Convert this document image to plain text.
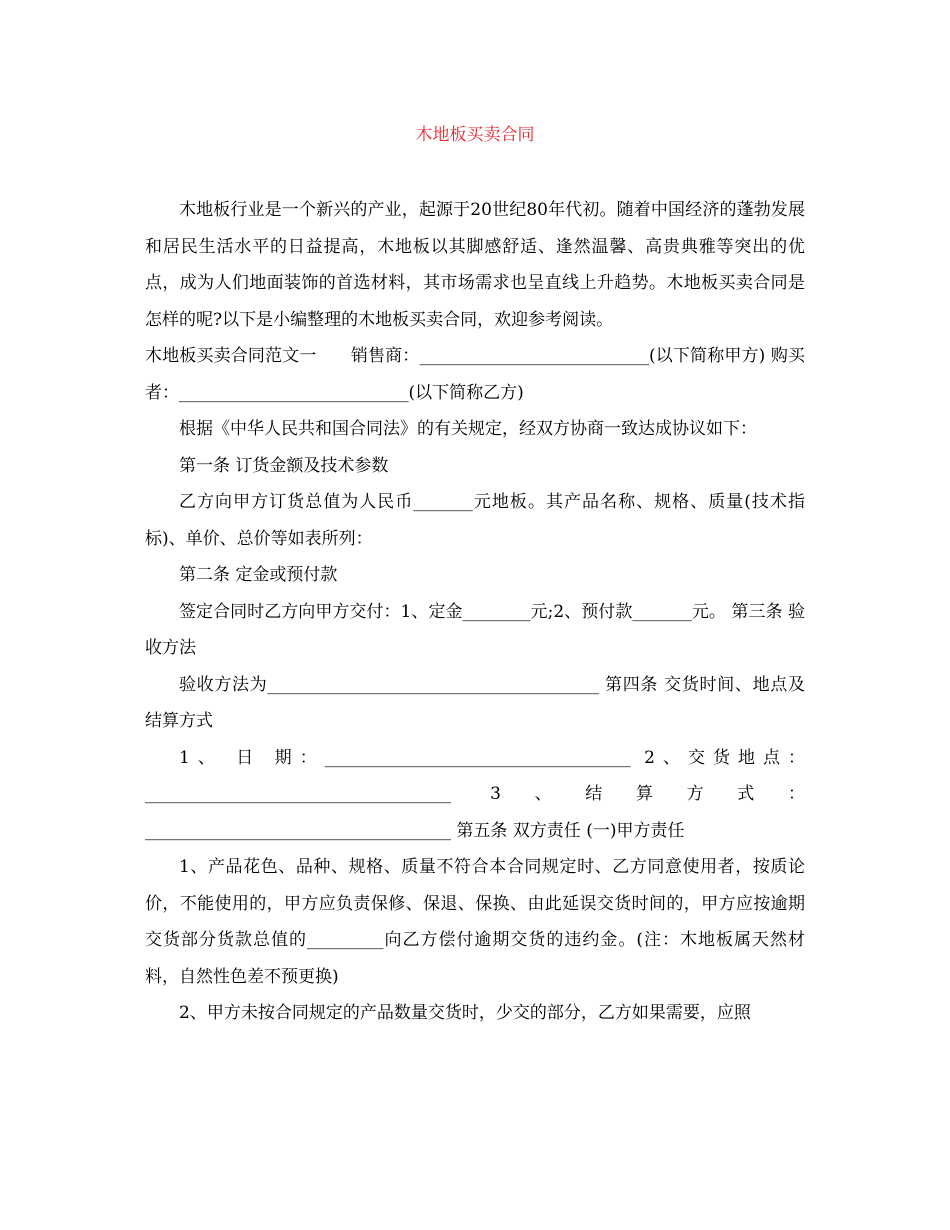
木地板买卖合同

木地板行业是一个新兴的产业，起源于20世纪80年代初。随着中国经济的蓬勃发展和居民生活水平的日益提高，木地板以其脚感舒适、逢然温馨、高贵典雅等突出的优点，成为人们地面装饰的首选材料，其市场需求也呈直线上升趋势。木地板买卖合同是怎样的呢?以下是小编整理的木地板买卖合同，欢迎参考阅读。

木地板买卖合同范文一　　销售商：___________________________(以下简称甲方) 购买者：___________________________(以下简称乙方)

根据《中华人民共和国合同法》的有关规定，经双方协商一致达成协议如下：

第一条 订货金额及技术参数

乙方向甲方订货总值为人民币_______元地板。其产品名称、规格、质量(技术指标)、单价、总价等如表所列：

第二条 定金或预付款

签定合同时乙方向甲方交付：1、定金________元;2、预付款_______元。 第三条 验收方法

验收方法为_______________________________________ 第四条 交货时间、地点及结算方式

1、 日 期：____________________________________ 2、交货地点：____________________________________ 3、结算方式：____________________________________ 第五条 双方责任 (一)甲方责任

1、产品花色、品种、规格、质量不符合本合同规定时、乙方同意使用者，按质论价，不能使用的，甲方应负责保修、保退、保换、由此延误交货时间的，甲方应按逾期交货部分货款总值的_________向乙方偿付逾期交货的违约金。(注：木地板属天然材料，自然性色差不预更换)

2、甲方未按合同规定的产品数量交货时，少交的部分，乙方如果需要，应照
